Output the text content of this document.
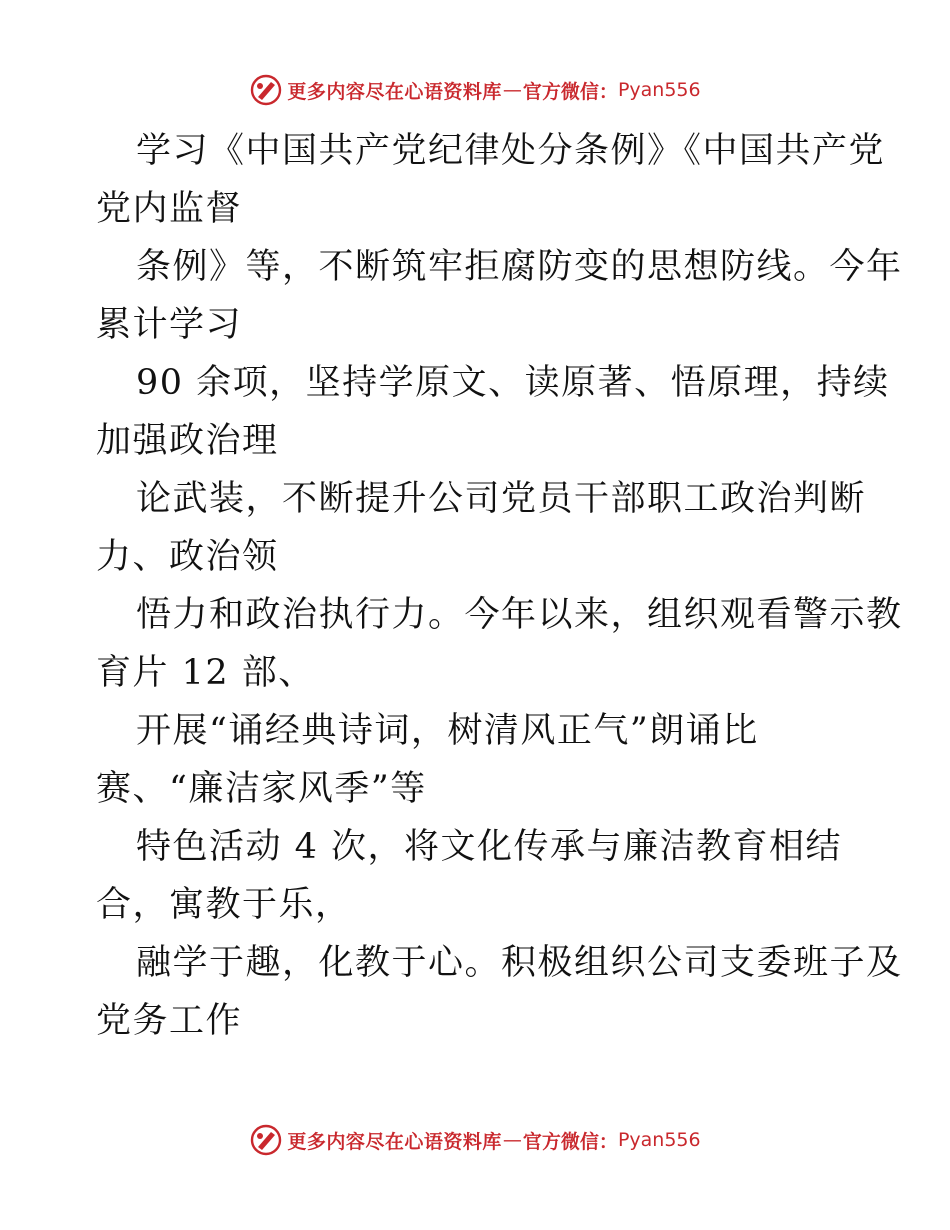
更多内容尽在心语资料库 — 官方微信： Pyan556
学习《中国共产党纪律处分条例》《中国共产党
党内监督
条例》等，不断筑牢拒腐防变的思想防线。今年
累计学习
90 余项，坚持学原文、读原著、悟原理，持续
加强政治理
论武装，不断提升公司党员干部职工政治判断
力、政治领
悟力和政治执行力。今年以来，组织观看警示教
育片 12 部、
开展“诵经典诗词，树清风正气”朗诵比
赛、“廉洁家风季”等
特色活动 4 次，将文化传承与廉洁教育相结
合，寓教于乐，
融学于趣，化教于心。积极组织公司支委班子及
党务工作
更多内容尽在心语资料库 — 官方微信： Pyan556
